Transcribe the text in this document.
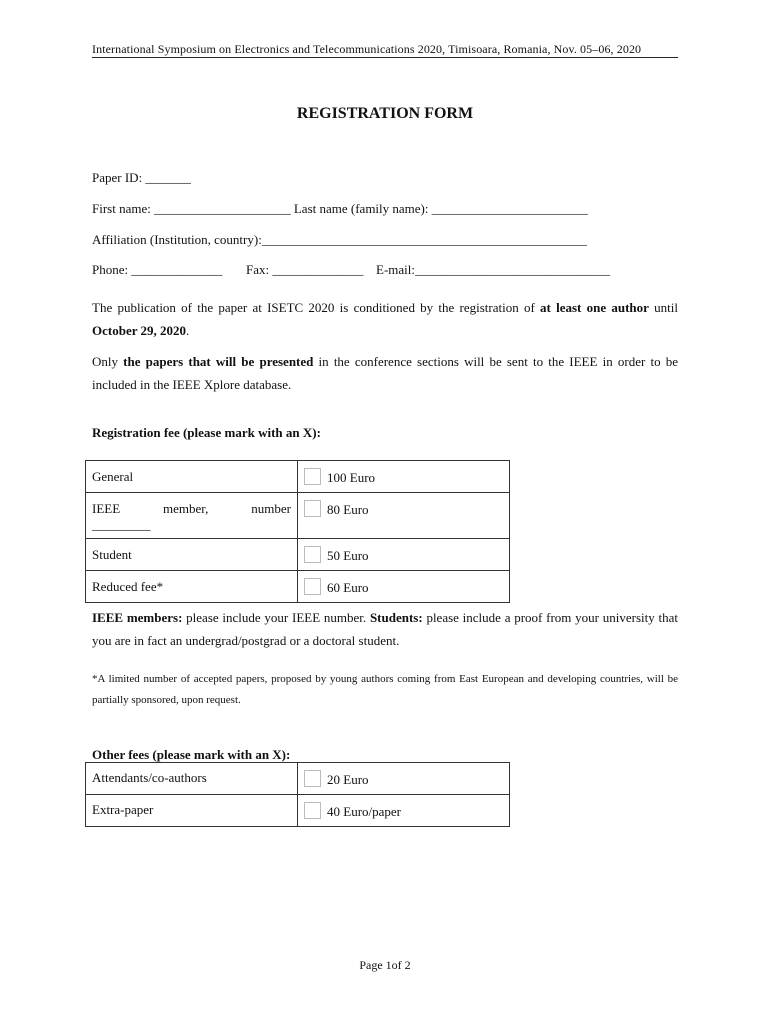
International Symposium on Electronics and Telecommunications 2020, Timisoara, Romania, Nov. 05–06, 2020
REGISTRATION FORM
Paper ID: _______
First name: _____________________ Last name (family name): ________________________
Affiliation (Institution, country):__________________________________________________
Phone: ______________ Fax: ______________ E-mail:______________________________
The publication of the paper at ISETC 2020 is conditioned by the registration of at least one author until October 29, 2020.
Only the papers that will be presented in the conference sections will be sent to the IEEE in order to be included in the IEEE Xplore database.
Registration fee (please mark with an X):
General	100 Euro

IEEE member, number
_________	80 Euro
Student	50 Euro
Reduced fee*	60 Euro
IEEE members: please include your IEEE number. Students: please include a proof from your university that you are in fact an undergrad/postgrad or a doctoral student.
*A limited number of accepted papers, proposed by young authors coming from East European and developing countries, will be partially sponsored, upon request.
Other fees (please mark with an X):
Attendants/co-authors	20 Euro
Extra-paper	40 Euro/paper
Page 1of 2
